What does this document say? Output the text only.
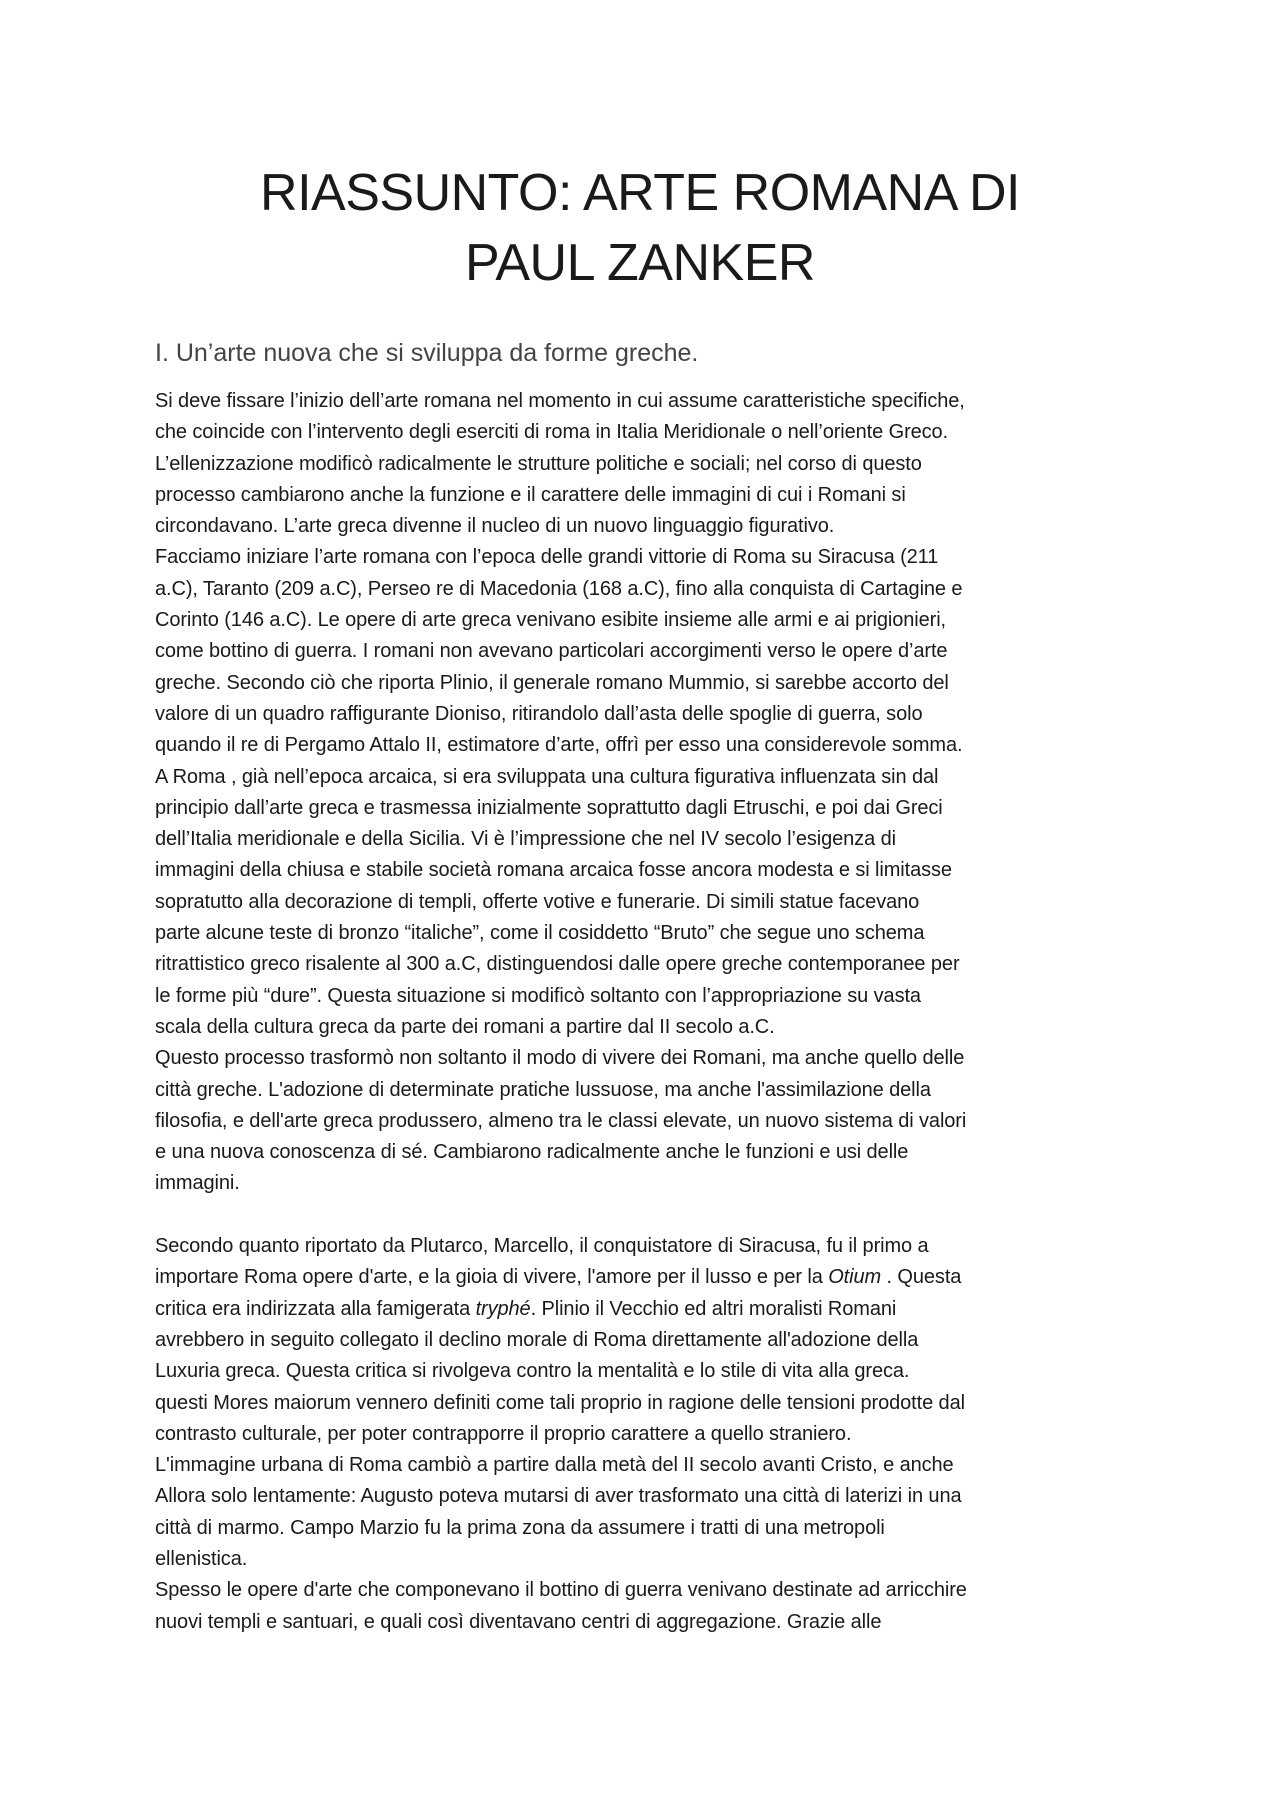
RIASSUNTO: ARTE ROMANA DI
PAUL ZANKER
I. Un’arte nuova che si sviluppa da forme greche.
Si deve fissare l’inizio dell’arte romana nel momento in cui assume caratteristiche specifiche,
che coincide con l’intervento degli eserciti di roma in Italia Meridionale o nell’oriente Greco.
L’ellenizzazione modificò radicalmente le strutture politiche e sociali; nel corso di questo
processo cambiarono anche la funzione e il carattere delle immagini di cui i Romani si
circondavano. L’arte greca divenne il nucleo di un nuovo linguaggio figurativo.
Facciamo iniziare l’arte romana con l’epoca delle grandi vittorie di Roma su Siracusa (211
a.C), Taranto (209 a.C), Perseo re di Macedonia (168 a.C), fino alla conquista di Cartagine e
Corinto (146 a.C). Le opere di arte greca venivano esibite insieme alle armi e ai prigionieri,
come bottino di guerra. I romani non avevano particolari accorgimenti verso le opere d’arte
greche. Secondo ciò che riporta Plinio, il generale romano Mummio, si sarebbe accorto del
valore di un quadro raffigurante Dioniso, ritirandolo dall’asta delle spoglie di guerra, solo
quando il re di Pergamo Attalo II, estimatore d’arte, offrì per esso una considerevole somma.
A Roma , già nell’epoca arcaica, si era sviluppata una cultura figurativa influenzata sin dal
principio dall’arte greca e trasmessa inizialmente soprattutto dagli Etruschi, e poi dai Greci
dell’Italia meridionale e della Sicilia. Vi è l’impressione che nel IV secolo l’esigenza di
immagini della chiusa e stabile società romana arcaica fosse ancora modesta e si limitasse
sopratutto alla decorazione di templi, offerte votive e funerarie. Di simili statue facevano
parte alcune teste di bronzo “italiche”, come il cosiddetto “Bruto” che segue uno schema
ritrattistico greco risalente al 300 a.C, distinguendosi dalle opere greche contemporanee per
le forme più “dure”. Questa situazione si modificò soltanto con l’appropriazione su vasta
scala della cultura greca da parte dei romani a partire dal II secolo a.C.
Questo processo trasformò non soltanto il modo di vivere dei Romani, ma anche quello delle
città greche. L'adozione di determinate pratiche lussuose, ma anche l'assimilazione della
filosofia, e dell'arte greca produssero, almeno tra le classi elevate, un nuovo sistema di valori
e una nuova conoscenza di sé. Cambiarono radicalmente anche le funzioni e usi delle
immagini.
Secondo quanto riportato da Plutarco, Marcello, il conquistatore di Siracusa, fu il primo a
importare Roma opere d'arte, e la gioia di vivere, l'amore per il lusso e per la Otium . Questa
critica era indirizzata alla famigerata tryphé. Plinio il Vecchio ed altri moralisti Romani
avrebbero in seguito collegato il declino morale di Roma direttamente all'adozione della
Luxuria greca. Questa critica si rivolgeva contro la mentalità e lo stile di vita alla greca.
questi Mores maiorum vennero definiti come tali proprio in ragione delle tensioni prodotte dal
contrasto culturale, per poter contrapporre il proprio carattere a quello straniero.
L'immagine urbana di Roma cambiò a partire dalla metà del II secolo avanti Cristo, e anche
Allora solo lentamente: Augusto poteva mutarsi di aver trasformato una città di laterizi in una
città di marmo. Campo Marzio fu la prima zona da assumere i tratti di una metropoli
ellenistica.
Spesso le opere d'arte che componevano il bottino di guerra venivano destinate ad arricchire
nuovi templi e santuari, e quali così diventavano centri di aggregazione. Grazie alle
